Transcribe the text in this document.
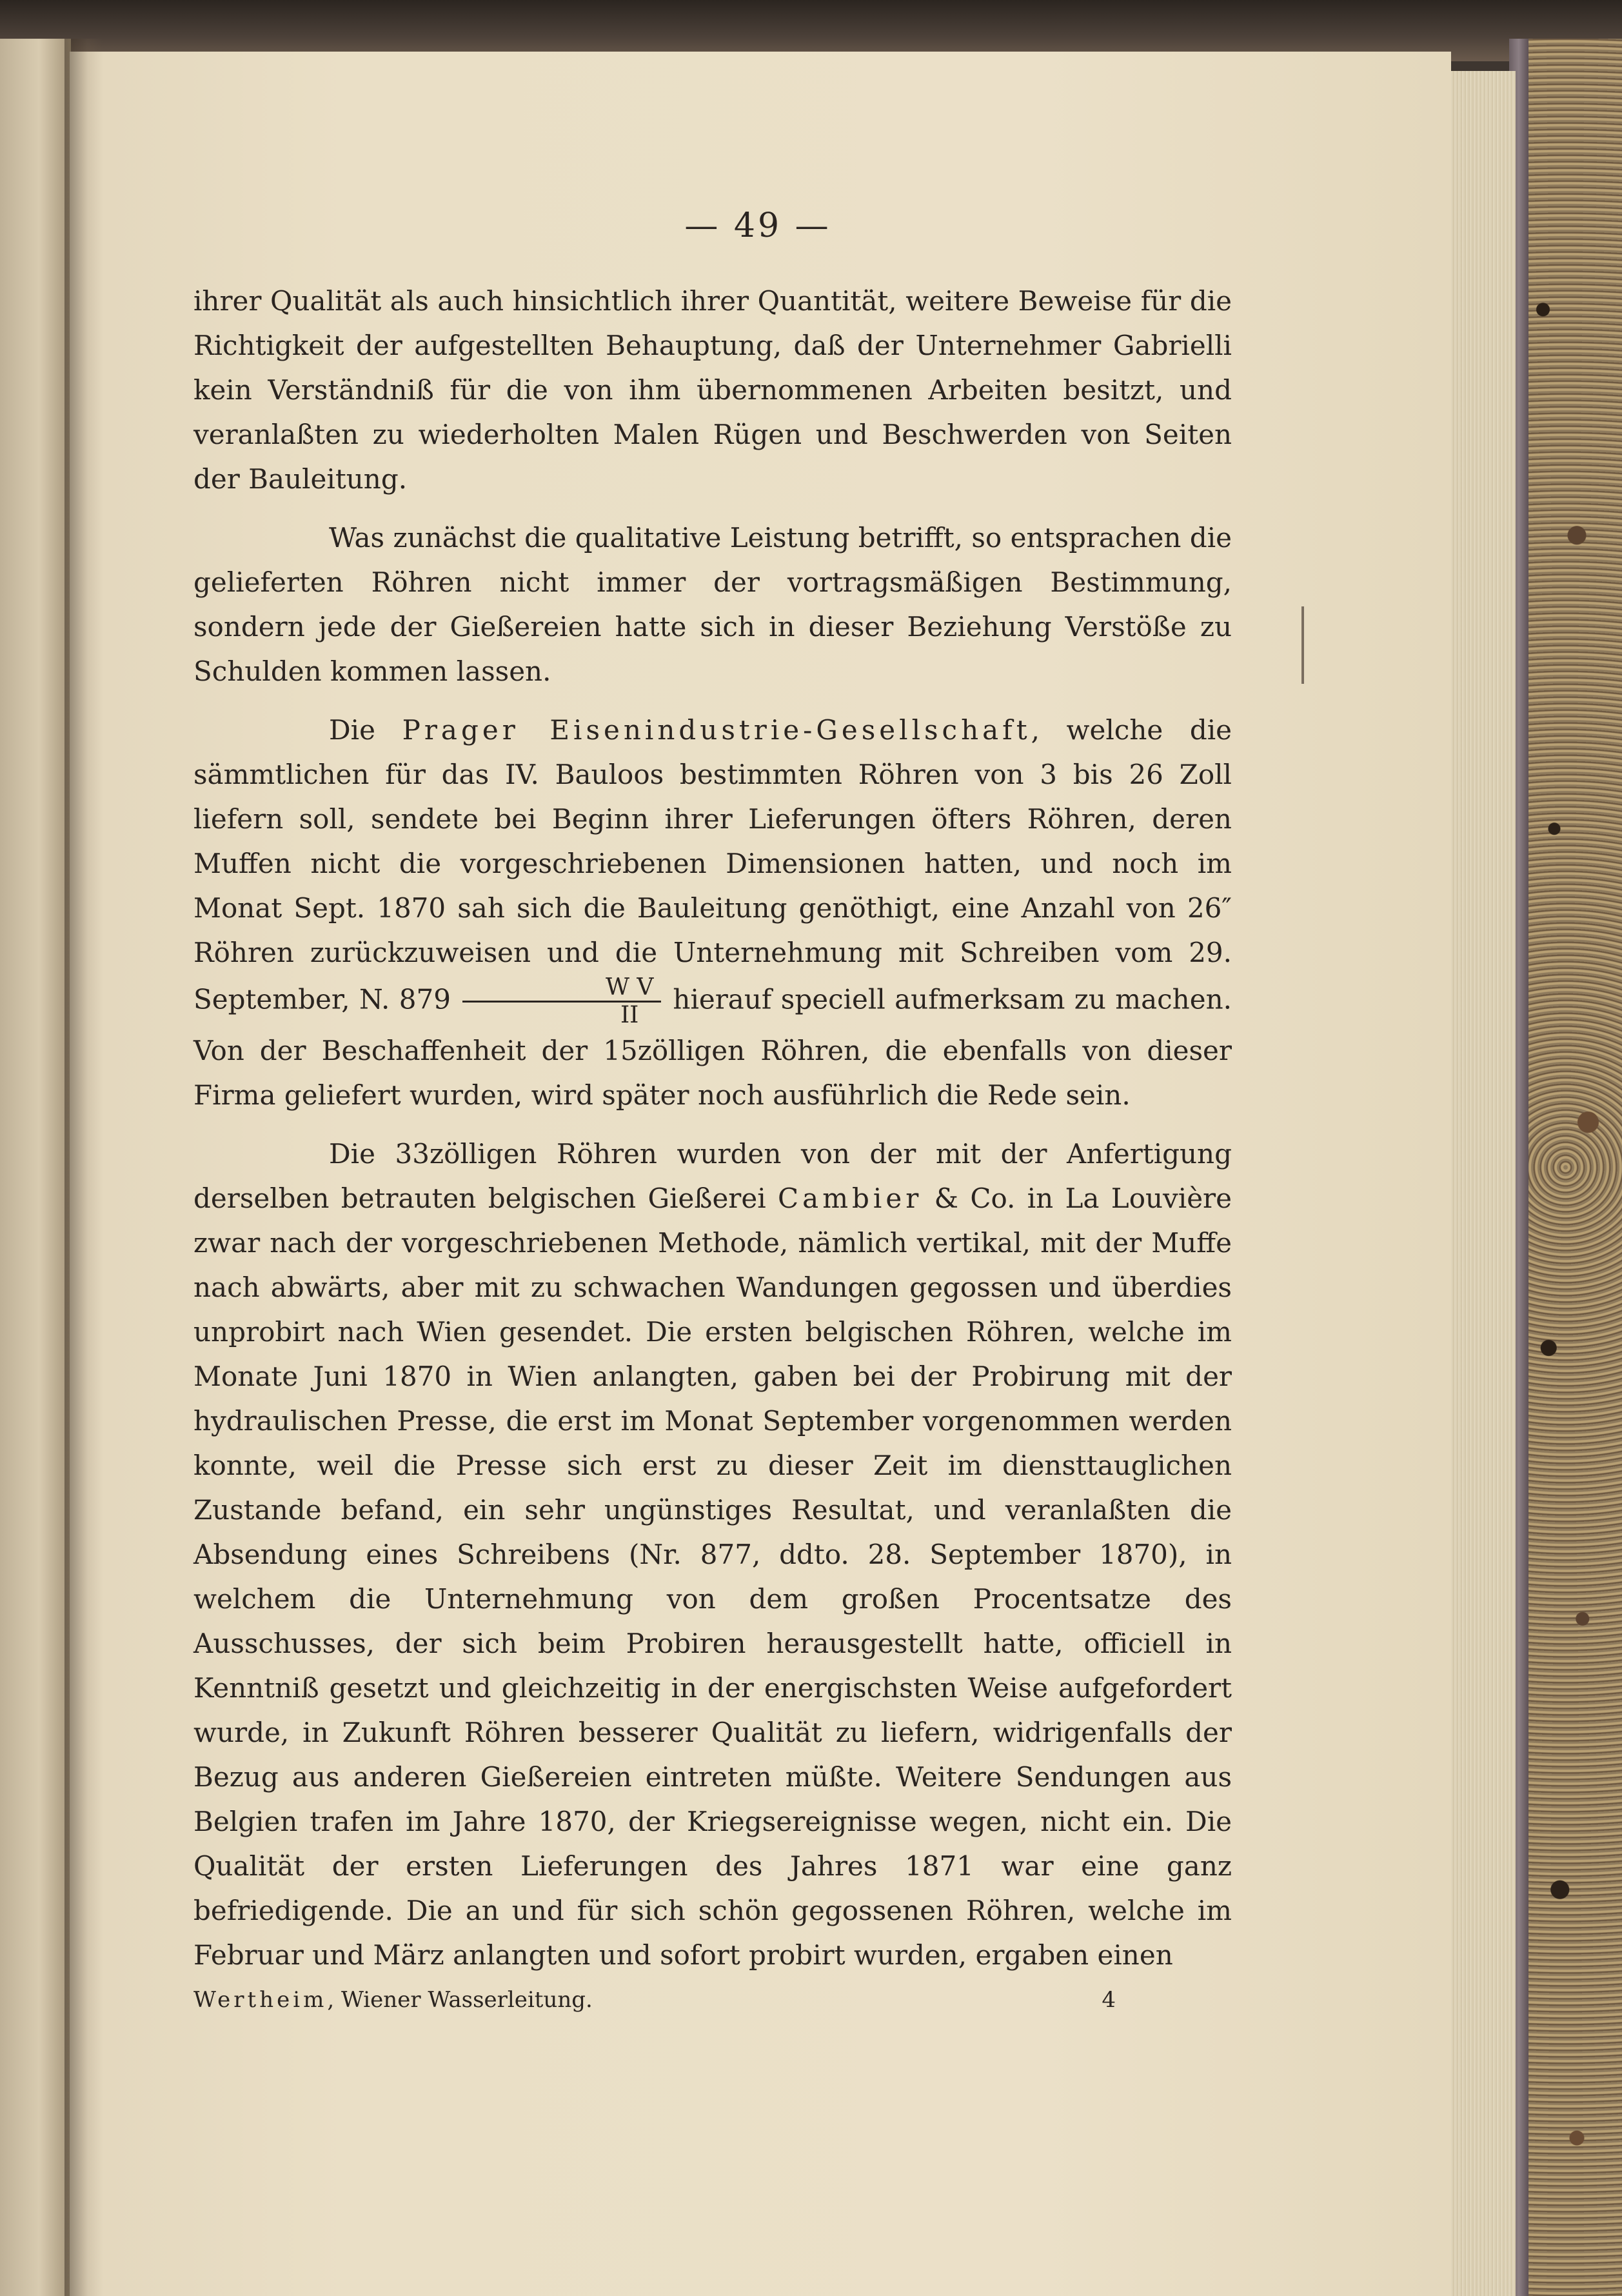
— 49 —

ihrer Qualität als auch hinsichtlich ihrer Quantität, weitere Beweise für die Richtigkeit der aufgestellten Behauptung, daß der Unternehmer Gabrielli kein Verständniß für die von ihm übernommenen Arbeiten besitzt, und veranlaßten zu wiederholten Malen Rügen und Beschwerden von Seiten der Bauleitung.

Was zunächst die qualitative Leistung betrifft, so entsprachen die gelieferten Röhren nicht immer der vortragsmäßigen Bestimmung, sondern jede der Gießereien hatte sich in dieser Beziehung Verstöße zu Schulden kommen lassen.

Die Prager Eisenindustrie-Gesellschaft, welche die sämmtlichen für das IV. Bauloos bestimmten Röhren von 3 bis 26 Zoll liefern soll, sendete bei Beginn ihrer Lieferungen öfters Röhren, deren Muffen nicht die vorgeschriebenen Dimensionen hatten, und noch im Monat Sept. 1870 sah sich die Bauleitung genöthigt, eine Anzahl von 26″ Röhren zurückzuweisen und die Unternehmung mit Schreiben vom 29. September, N. $879 \frac{\text{W V}}{II}$ hierauf speciell aufmerksam zu machen. Von der Beschaffenheit der 15zölligen Röhren, die ebenfalls von dieser Firma geliefert wurden, wird später noch ausführlich die Rede sein.

Die 33zölligen Röhren wurden von der mit der Anfertigung derselben betrauten belgischen Gießerei Cambier & Co. in La Louvière zwar nach der vorgeschriebenen Methode, nämlich vertikal, mit der Muffe nach abwärts, aber mit zu schwachen Wandungen gegossen und überdies unprobirt nach Wien gesendet. Die ersten belgischen Röhren, welche im Monate Juni 1870 in Wien anlangten, gaben bei der Probirung mit der hydraulischen Presse, die erst im Monat September vorgenommen werden konnte, weil die Presse sich erst zu dieser Zeit im diensttauglichen Zustande befand, ein sehr ungünstiges Resultat, und veranlaßten die Absendung eines Schreibens (Nr. 877, ddto. 28. September 1870), in welchem die Unternehmung von dem großen Procentsatze des Ausschusses, der sich beim Probiren herausgestellt hatte, officiell in Kenntniß gesetzt und gleichzeitig in der energischsten Weise aufgefordert wurde, in Zukunft Röhren besserer Qualität zu liefern, widrigenfalls der Bezug aus anderen Gießereien eintreten müßte. Weitere Sendungen aus Belgien trafen im Jahre 1870, der Kriegsereignisse wegen, nicht ein. Die Qualität der ersten Lieferungen des Jahres 1871 war eine ganz befriedigende. Die an und für sich schön gegossenen Röhren, welche im Februar und März anlangten und sofort probirt wurden, ergaben einen

Wertheim, Wiener Wasserleitung.	4
